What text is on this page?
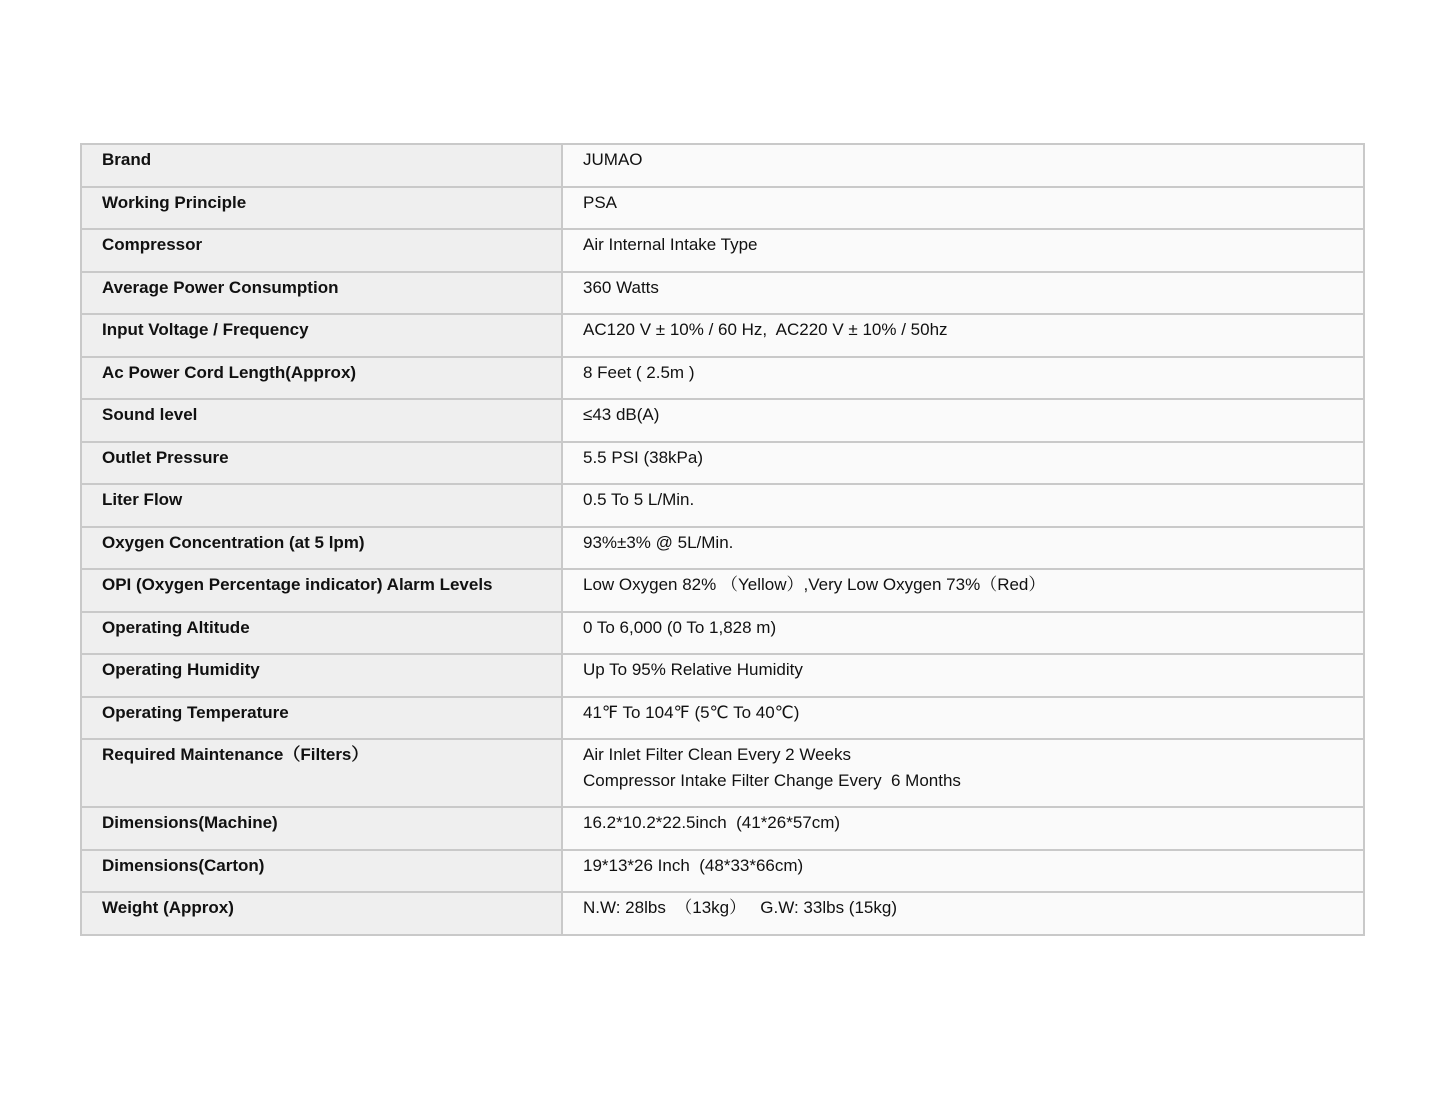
Brand	JUMAO

Working Principle	PSA

Compressor	Air Internal Intake Type

Average Power Consumption	360 Watts

Input Voltage / Frequency	AC120 V ± 10% / 60 Hz,  AC220 V ± 10% / 50hz

Ac Power Cord Length(Approx)	8 Feet ( 2.5m )

Sound level	≤43 dB(A)

Outlet Pressure	5.5 PSI (38kPa)

Liter Flow	0.5 To 5 L/Min.

Oxygen Concentration (at 5 lpm)	93%±3% @ 5L/Min.

OPI (Oxygen Percentage indicator) Alarm Levels	Low Oxygen 82% （Yellow）,Very Low Oxygen 73%（Red）

Operating Altitude	0 To 6,000 (0 To 1,828 m)

Operating Humidity	Up To 95% Relative Humidity

Operating Temperature	41℉ To 104℉ (5℃ To 40℃)

Required Maintenance（Filters）	Air Inlet Filter Clean Every 2 Weeks
Compressor Intake Filter Change Every  6 Months

Dimensions(Machine)	16.2*10.2*22.5inch  (41*26*57cm)

Dimensions(Carton)	19*13*26 Inch  (48*33*66cm)

Weight (Approx)	N.W: 28lbs  （13kg）   G.W: 33lbs (15kg)
